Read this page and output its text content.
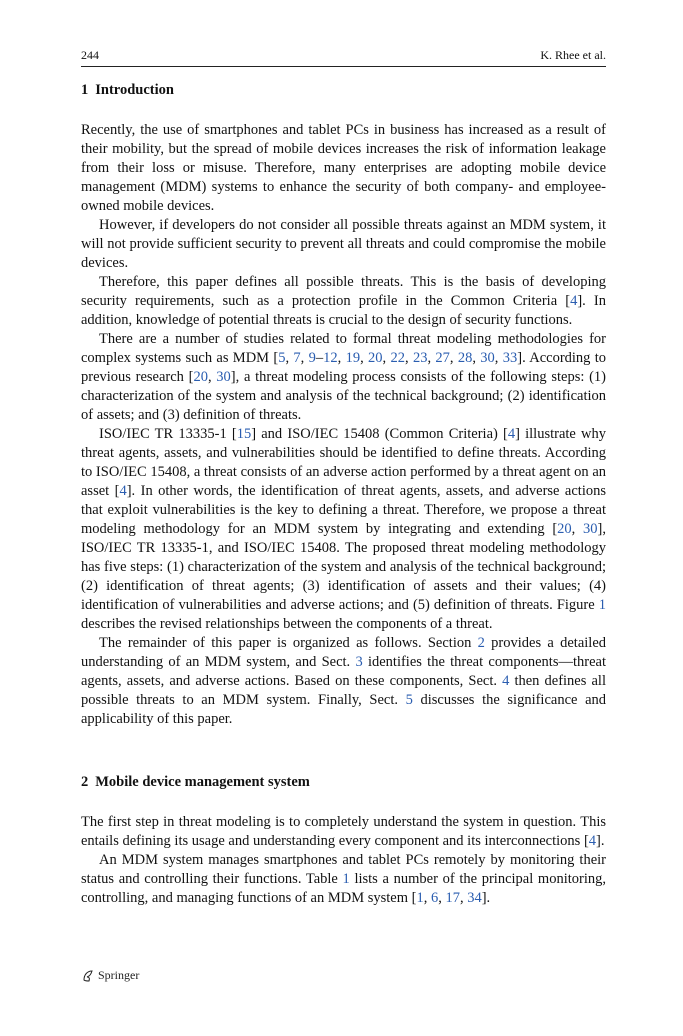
244	K. Rhee et al.
1 Introduction

Recently, the use of smartphones and tablet PCs in business has increased as a result of their mobility, but the spread of mobile devices increases the risk of information leakage from their loss or misuse. Therefore, many enterprises are adopting mobile device management (MDM) systems to enhance the security of both company- and employee-owned mobile devices.

However, if developers do not consider all possible threats against an MDM system, it will not provide sufficient security to prevent all threats and could compromise the mobile devices.

Therefore, this paper defines all possible threats. This is the basis of developing security requirements, such as a protection profile in the Common Criteria [4]. In addition, knowledge of potential threats is crucial to the design of security functions.

There are a number of studies related to formal threat modeling methodologies for complex systems such as MDM [5, 7, 9–12, 19, 20, 22, 23, 27, 28, 30, 33]. According to previous research [20, 30], a threat modeling process consists of the following steps: (1) characterization of the system and analysis of the technical background; (2) identification of assets; and (3) definition of threats.

ISO/IEC TR 13335-1 [15] and ISO/IEC 15408 (Common Criteria) [4] illustrate why threat agents, assets, and vulnerabilities should be identified to define threats. According to ISO/IEC 15408, a threat consists of an adverse action performed by a threat agent on an asset [4]. In other words, the identification of threat agents, assets, and adverse actions that exploit vulnerabilities is the key to defining a threat. Therefore, we propose a threat modeling methodology for an MDM system by integrating and extending [20, 30], ISO/IEC TR 13335-1, and ISO/IEC 15408. The proposed threat modeling methodology has five steps: (1) characterization of the system and analysis of the technical background; (2) identification of threat agents; (3) identification of assets and their values; (4) identification of vulnerabilities and adverse actions; and (5) definition of threats. Figure 1 describes the revised relationships between the components of a threat.

The remainder of this paper is organized as follows. Section 2 provides a detailed understanding of an MDM system, and Sect. 3 identifies the threat components—threat agents, assets, and adverse actions. Based on these components, Sect. 4 then defines all possible threats to an MDM system. Finally, Sect. 5 discusses the significance and applicability of this paper.

2 Mobile device management system

The first step in threat modeling is to completely understand the system in question. This entails defining its usage and understanding every component and its interconnections [4].

An MDM system manages smartphones and tablet PCs remotely by monitoring their status and controlling their functions. Table 1 lists a number of the principal monitoring, controlling, and managing functions of an MDM system [1, 6, 17, 34].

Springer
